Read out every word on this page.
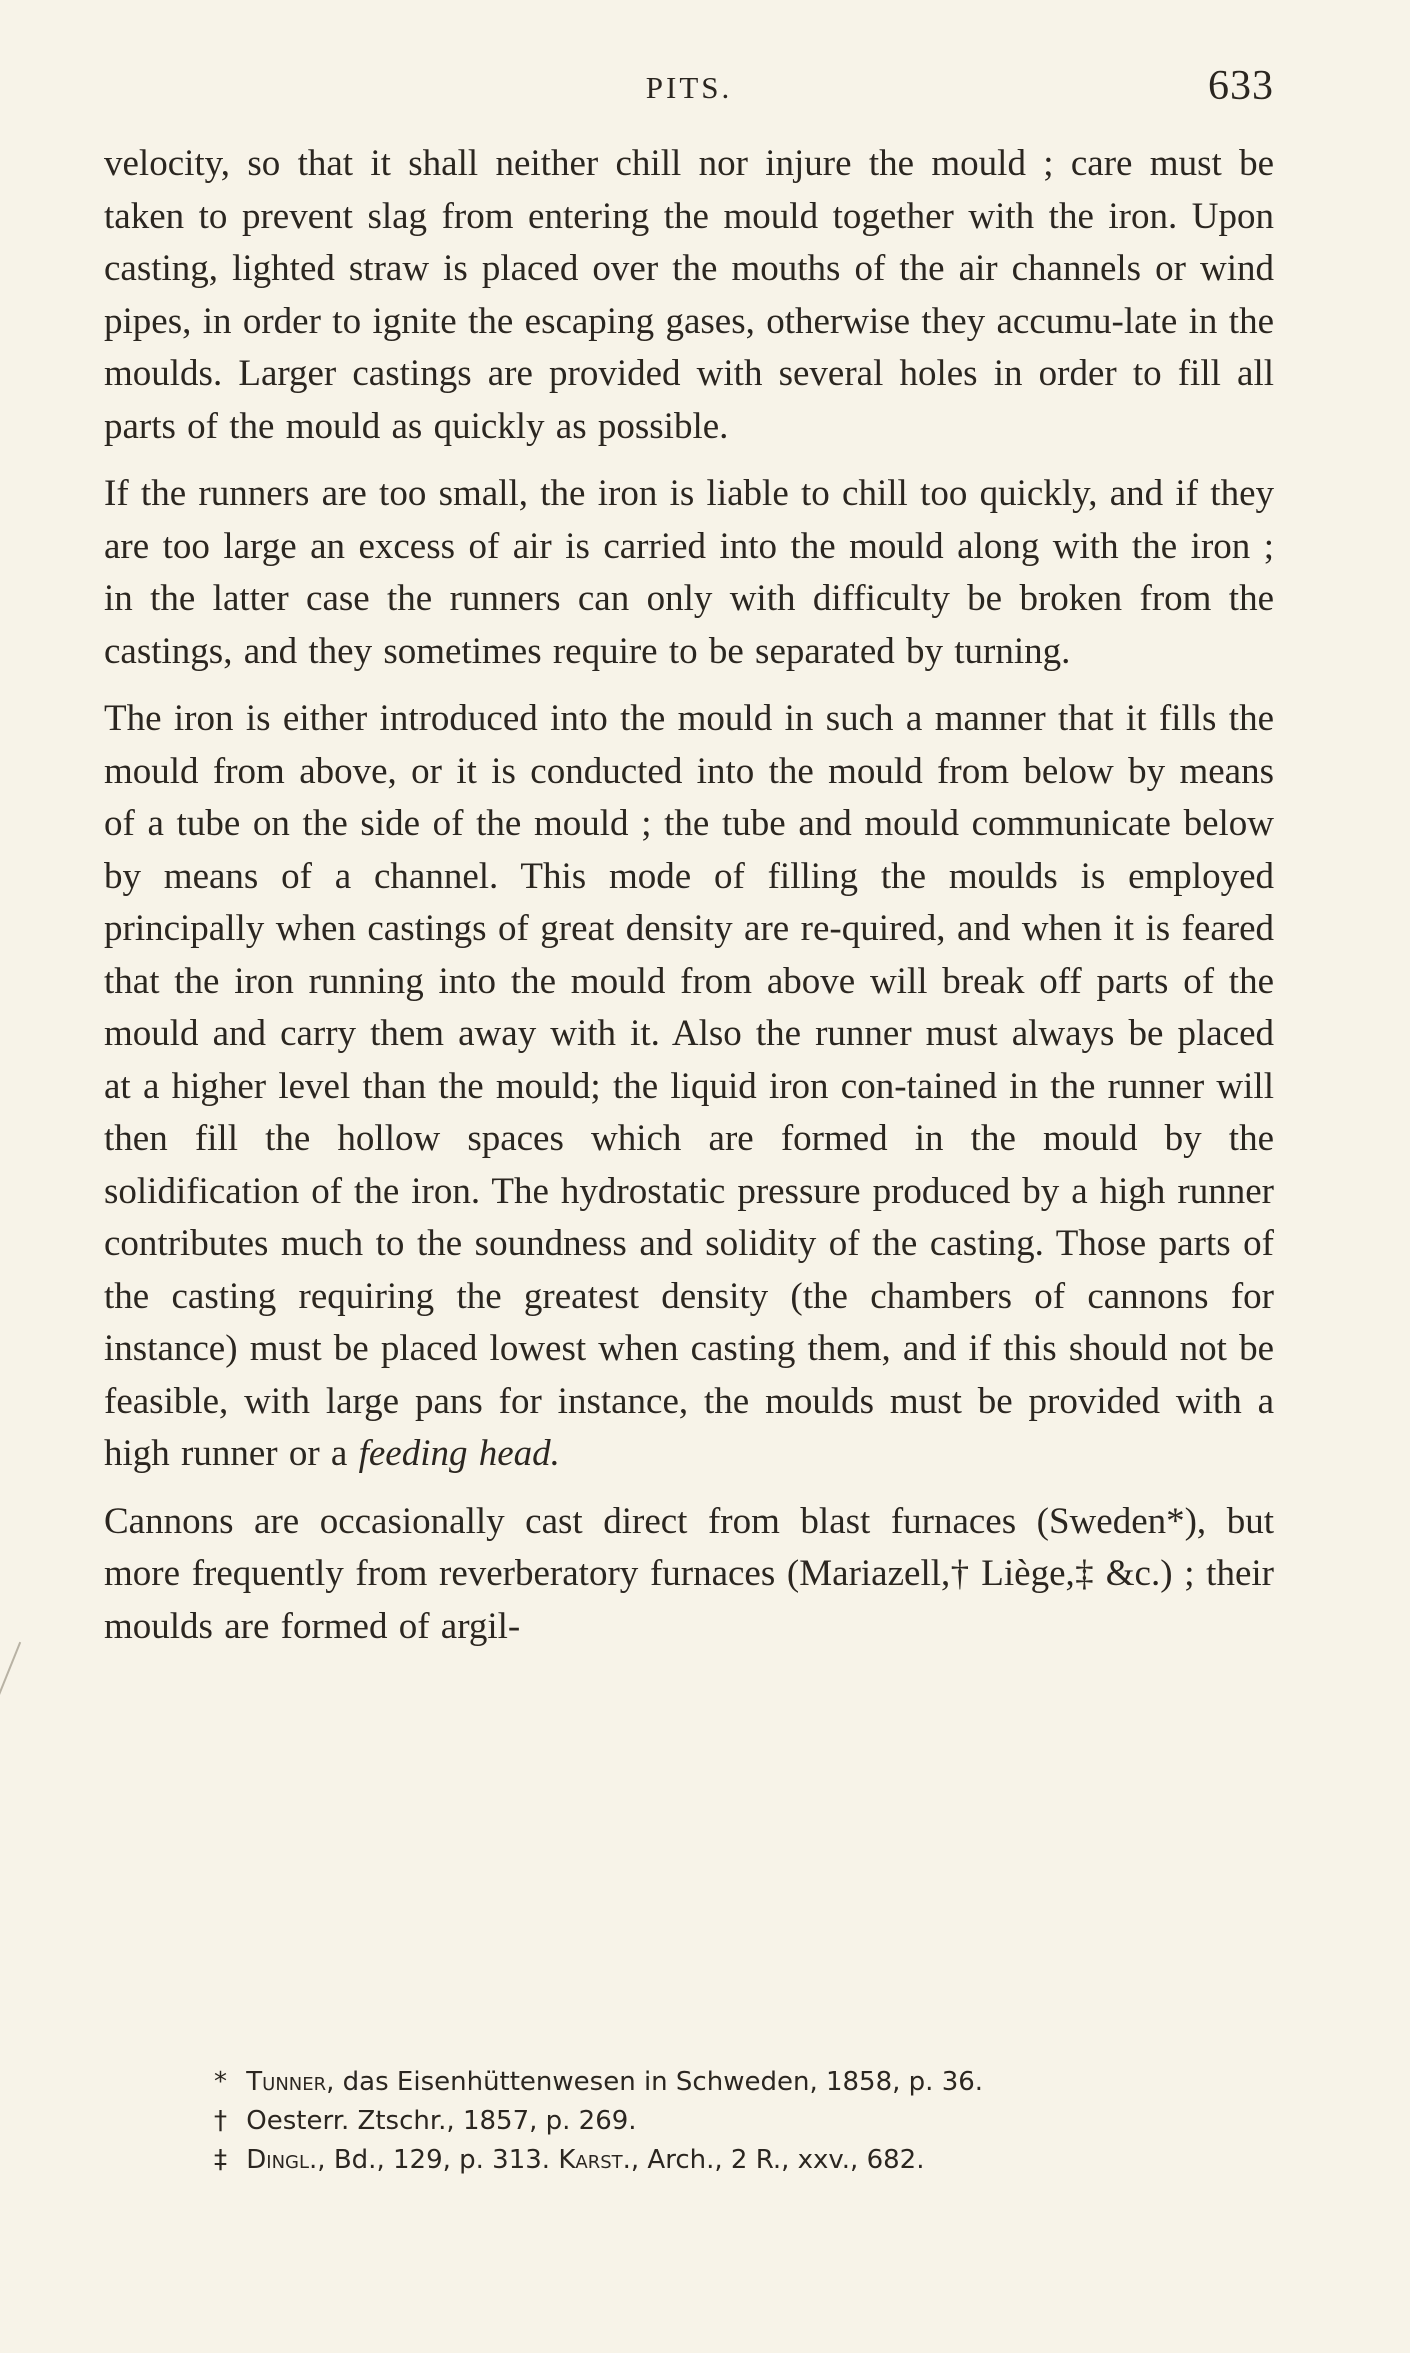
PITS.	633

velocity, so that it shall neither chill nor injure the mould ; care must be taken to prevent slag from entering the mould together with the iron. Upon casting, lighted straw is placed over the mouths of the air channels or wind pipes, in order to ignite the escaping gases, otherwise they accumu-late in the moulds. Larger castings are provided with several holes in order to fill all parts of the mould as quickly as possible.

If the runners are too small, the iron is liable to chill too quickly, and if they are too large an excess of air is carried into the mould along with the iron ; in the latter case the runners can only with difficulty be broken from the castings, and they sometimes require to be separated by turning.

The iron is either introduced into the mould in such a manner that it fills the mould from above, or it is conducted into the mould from below by means of a tube on the side of the mould ; the tube and mould communicate below by means of a channel. This mode of filling the moulds is employed principally when castings of great density are re-quired, and when it is feared that the iron running into the mould from above will break off parts of the mould and carry them away with it. Also the runner must always be placed at a higher level than the mould; the liquid iron con-tained in the runner will then fill the hollow spaces which are formed in the mould by the solidification of the iron. The hydrostatic pressure produced by a high runner contributes much to the soundness and solidity of the casting. Those parts of the casting requiring the greatest density (the chambers of cannons for instance) must be placed lowest when casting them, and if this should not be feasible, with large pans for instance, the moulds must be provided with a high runner or a feeding head.

Cannons are occasionally cast direct from blast furnaces (Sweden*), but more frequently from reverberatory furnaces (Mariazell,† Liège,‡ &c.) ; their moulds are formed of argil-

* Tunner, das Eisenhüttenwesen in Schweden, 1858, p. 36.
† Oesterr. Ztschr., 1857, p. 269.
‡ Dingl., Bd., 129, p. 313. Karst., Arch., 2 R., xxv., 682.
